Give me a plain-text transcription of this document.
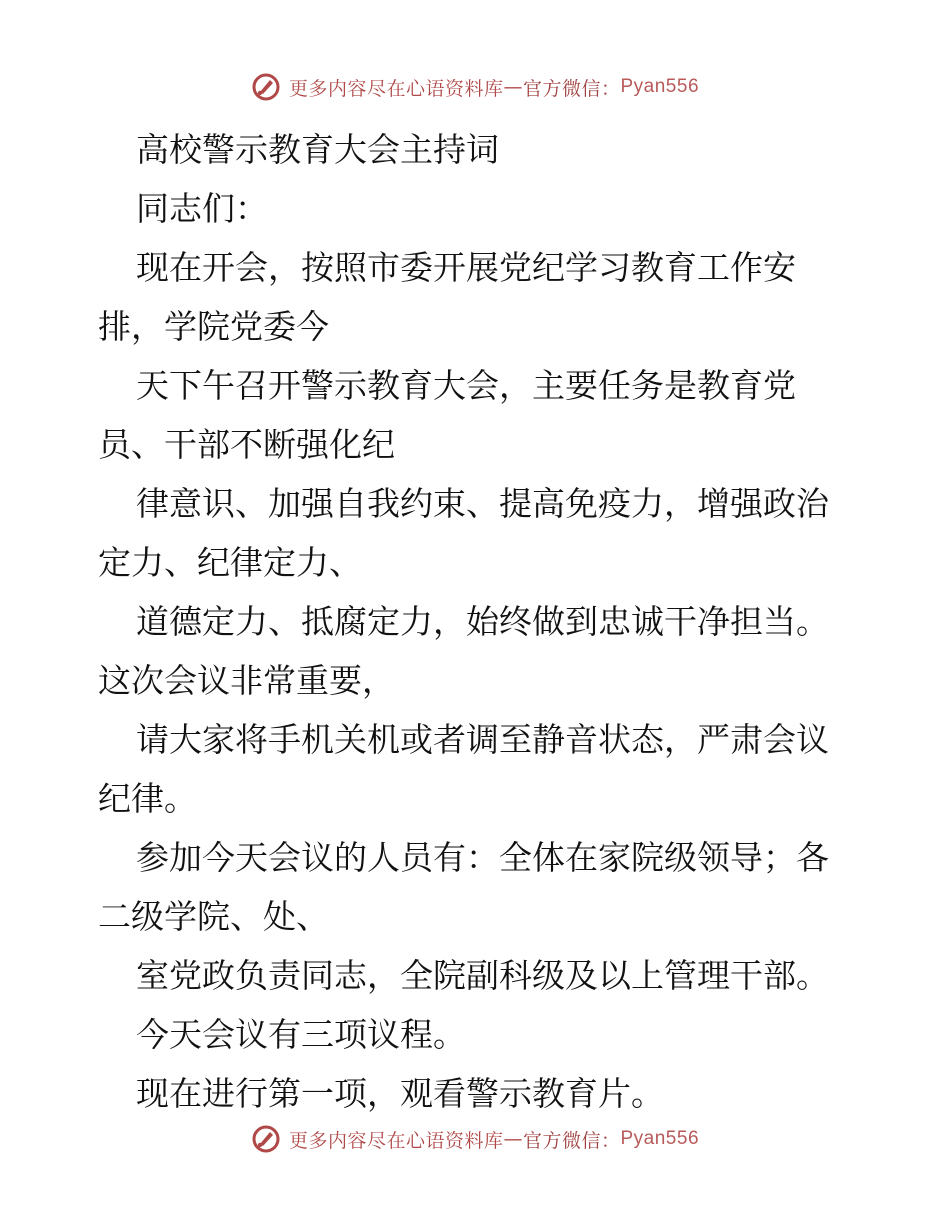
更多内容尽在心语资料库 — 官方微信： Pyan556

高校警示教育大会主持词

同志们：

现在开会，按照市委开展党纪学习教育工作安排，学院党委今

天下午召开警示教育大会，主要任务是教育党员、干部不断强化纪

律意识、加强自我约束、提高免疫力，增强政治定力、纪律定力、

道德定力、抵腐定力，始终做到忠诚干净担当。这次会议非常重要，

请大家将手机关机或者调至静音状态，严肃会议纪律。

参加今天会议的人员有：全体在家院级领导；各二级学院、处、

室党政负责同志，全院副科级及以上管理干部。

今天会议有三项议程。

现在进行第一项，观看警示教育片。

更多内容尽在心语资料库 — 官方微信： Pyan556
